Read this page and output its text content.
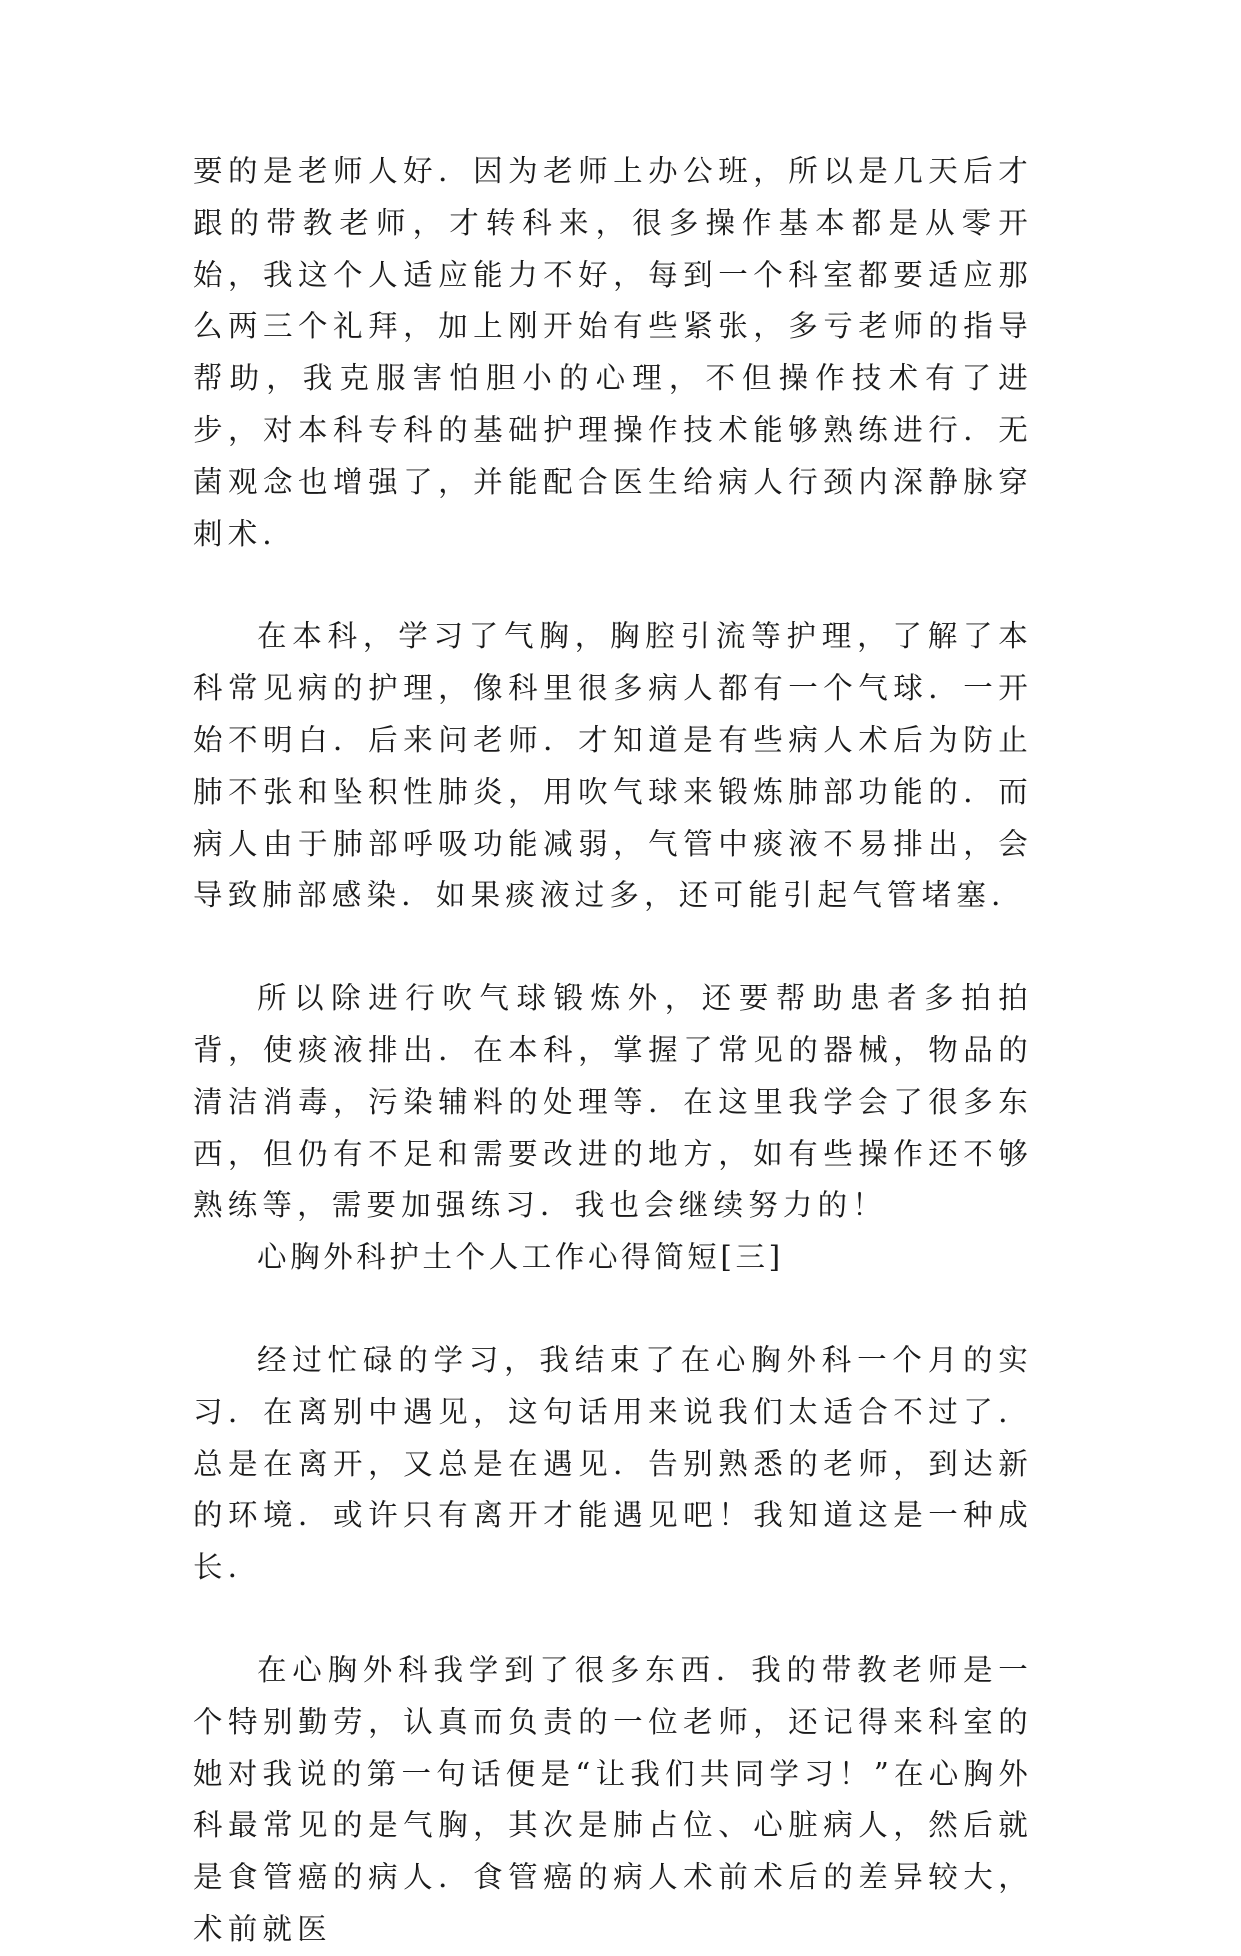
要的是老师人好．因为老师上办公班，所以是几天后才跟的带教老师，才转科来，很多操作基本都是从零开始，我这个人适应能力不好，每到一个科室都要适应那么两三个礼拜，加上刚开始有些紧张，多亏老师的指导帮助，我克服害怕胆小的心理，不但操作技术有了进步，对本科专科的基础护理操作技术能够熟练进行．无菌观念也增强了，并能配合医生给病人行颈内深静脉穿刺术．

在本科，学习了气胸，胸腔引流等护理，了解了本科常见病的护理，像科里很多病人都有一个气球．一开始不明白．后来问老师．才知道是有些病人术后为防止肺不张和坠积性肺炎，用吹气球来锻炼肺部功能的．而病人由于肺部呼吸功能减弱，气管中痰液不易排出，会导致肺部感染．如果痰液过多，还可能引起气管堵塞．

所以除进行吹气球锻炼外，还要帮助患者多拍拍背，使痰液排出．在本科，掌握了常见的器械，物品的清洁消毒，污染辅料的处理等．在这里我学会了很多东西，但仍有不足和需要改进的地方，如有些操作还不够熟练等，需要加强练习．我也会继续努力的！

心胸外科护土个人工作心得简短[三]

经过忙碌的学习，我结束了在心胸外科一个月的实习．在离别中遇见，这句话用来说我们太适合不过了．总是在离开，又总是在遇见．告别熟悉的老师，到达新的环境．或许只有离开才能遇见吧！我知道这是一种成长．

在心胸外科我学到了很多东西．我的带教老师是一个特别勤劳，认真而负责的一位老师，还记得来科室的她对我说的第一句话便是“让我们共同学习！”在心胸外科最常见的是气胸，其次是肺占位、心脏病人，然后就是食管癌的病人．食管癌的病人术前术后的差异较大，术前就医
